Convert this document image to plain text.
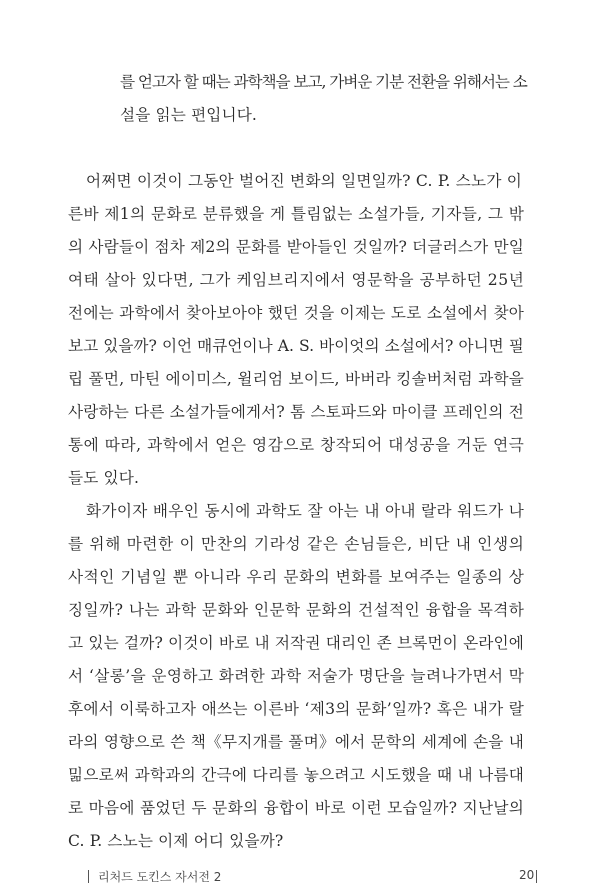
를 얻고자 할 때는 과학책을 보고, 가벼운 기분 전환을 위해서는 소
설을 읽는 편입니다.
어쩌면 이것이 그동안 벌어진 변화의 일면일까? C. P. 스노가 이
른바 제1의 문화로 분류했을 게 틀림없는 소설가들, 기자들, 그 밖
의 사람들이 점차 제2의 문화를 받아들인 것일까? 더글러스가 만일
여태 살아 있다면, 그가 케임브리지에서 영문학을 공부하던 25년
전에는 과학에서 찾아보아야 했던 것을 이제는 도로 소설에서 찾아
보고 있을까? 이언 매큐언이나 A. S. 바이엇의 소설에서? 아니면 필
립 풀먼, 마틴 에이미스, 윌리엄 보이드, 바버라 킹솔버처럼 과학을
사랑하는 다른 소설가들에게서? 톰 스토파드와 마이클 프레인의 전
통에 따라, 과학에서 얻은 영감으로 창작되어 대성공을 거둔 연극
들도 있다.
화가이자 배우인 동시에 과학도 잘 아는 내 아내 랄라 워드가 나
를 위해 마련한 이 만찬의 기라성 같은 손님들은, 비단 내 인생의
사적인 기념일 뿐 아니라 우리 문화의 변화를 보여주는 일종의 상
징일까? 나는 과학 문화와 인문학 문화의 건설적인 융합을 목격하
고 있는 걸까? 이것이 바로 내 저작권 대리인 존 브록먼이 온라인에
서 ‘살롱’을 운영하고 화려한 과학 저술가 명단을 늘려나가면서 막
후에서 이룩하고자 애쓰는 이른바 ‘제3의 문화’일까? 혹은 내가 랄
라의 영향으로 쓴 책《무지개를 풀며》에서 문학의 세계에 손을 내
밂으로써 과학과의 간극에 다리를 놓으려고 시도했을 때 내 나름대
로 마음에 품었던 두 문화의 융합이 바로 이런 모습일까? 지난날의
C. P. 스노는 이제 어디 있을까?
리처드 도킨스 자서전 2	20
